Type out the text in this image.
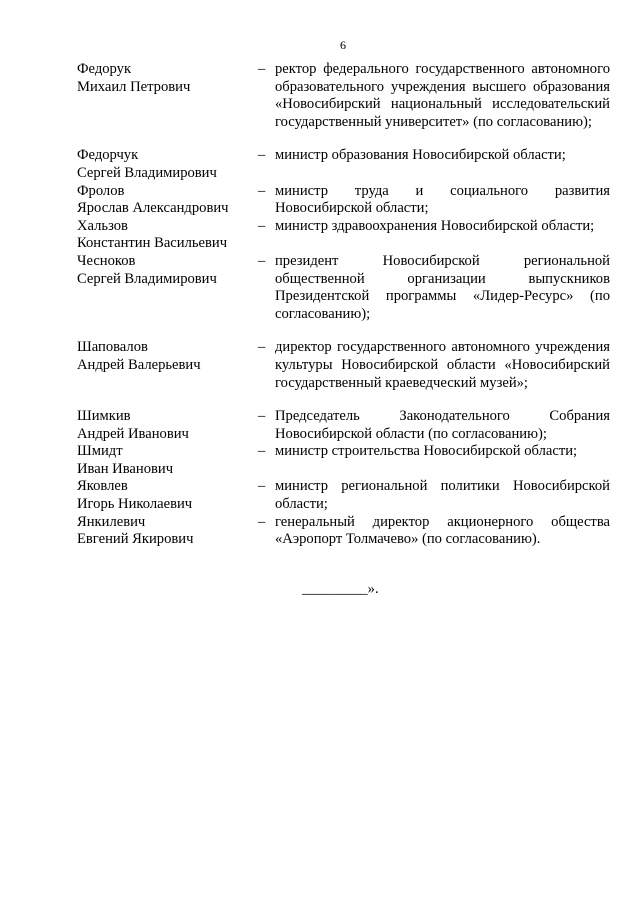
6
Федорук
Михаил Петрович
– ректор федерального государственного автономного образовательного учреждения высшего образования «Новосибирский национальный исследовательский государственный университет» (по согласованию);
Федорчук
Сергей Владимирович
– министр образования Новосибирской области;
Фролов
Ярослав Александрович
– министр труда и социального развития Новосибирской области;
Хальзов
Константин Васильевич
– министр здравоохранения Новосибирской области;
Чесноков
Сергей Владимирович
– президент Новосибирской региональной общественной организации выпускников Президентской программы «Лидер-Ресурс» (по согласованию);
Шаповалов
Андрей Валерьевич
– директор государственного автономного учреждения культуры Новосибирской области «Новосибирский государственный краеведческий музей»;
Шимкив
Андрей Иванович
– Председатель Законодательного Собрания Новосибирской области (по согласованию);
Шмидт
Иван Иванович
– министр строительства Новосибирской области;
Яковлев
Игорь Николаевич
– министр региональной политики Новосибирской области;
Янкилевич
Евгений Якирович
– генеральный директор акционерного общества «Аэропорт Толмачево» (по согласованию).
_________».
